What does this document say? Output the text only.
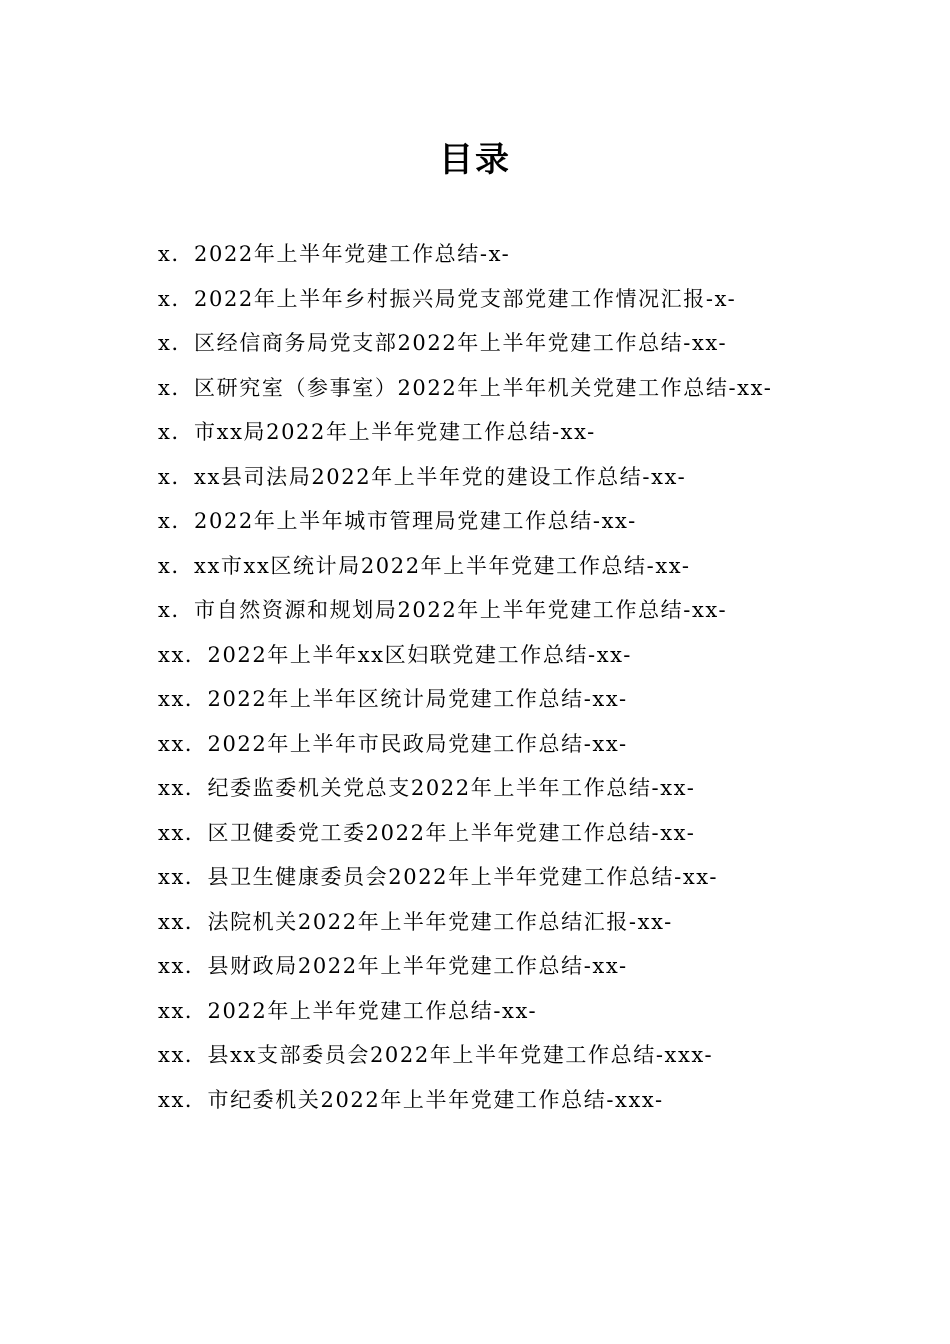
目录
x．2022年上半年党建工作总结-x-
x．2022年上半年乡村振兴局党支部党建工作情况汇报-x-
x．区经信商务局党支部2022年上半年党建工作总结-xx-
x．区研究室（参事室）2022年上半年机关党建工作总结-xx-
x．市xx局2022年上半年党建工作总结-xx-
x．xx县司法局2022年上半年党的建设工作总结-xx-
x．2022年上半年城市管理局党建工作总结-xx-
x．xx市xx区统计局2022年上半年党建工作总结-xx-
x．市自然资源和规划局2022年上半年党建工作总结-xx-
xx．2022年上半年xx区妇联党建工作总结-xx-
xx．2022年上半年区统计局党建工作总结-xx-
xx．2022年上半年市民政局党建工作总结-xx-
xx．纪委监委机关党总支2022年上半年工作总结-xx-
xx．区卫健委党工委2022年上半年党建工作总结-xx-
xx．县卫生健康委员会2022年上半年党建工作总结-xx-
xx．法院机关2022年上半年党建工作总结汇报-xx-
xx．县财政局2022年上半年党建工作总结-xx-
xx．2022年上半年党建工作总结-xx-
xx．县xx支部委员会2022年上半年党建工作总结-xxx-
xx．市纪委机关2022年上半年党建工作总结-xxx-
